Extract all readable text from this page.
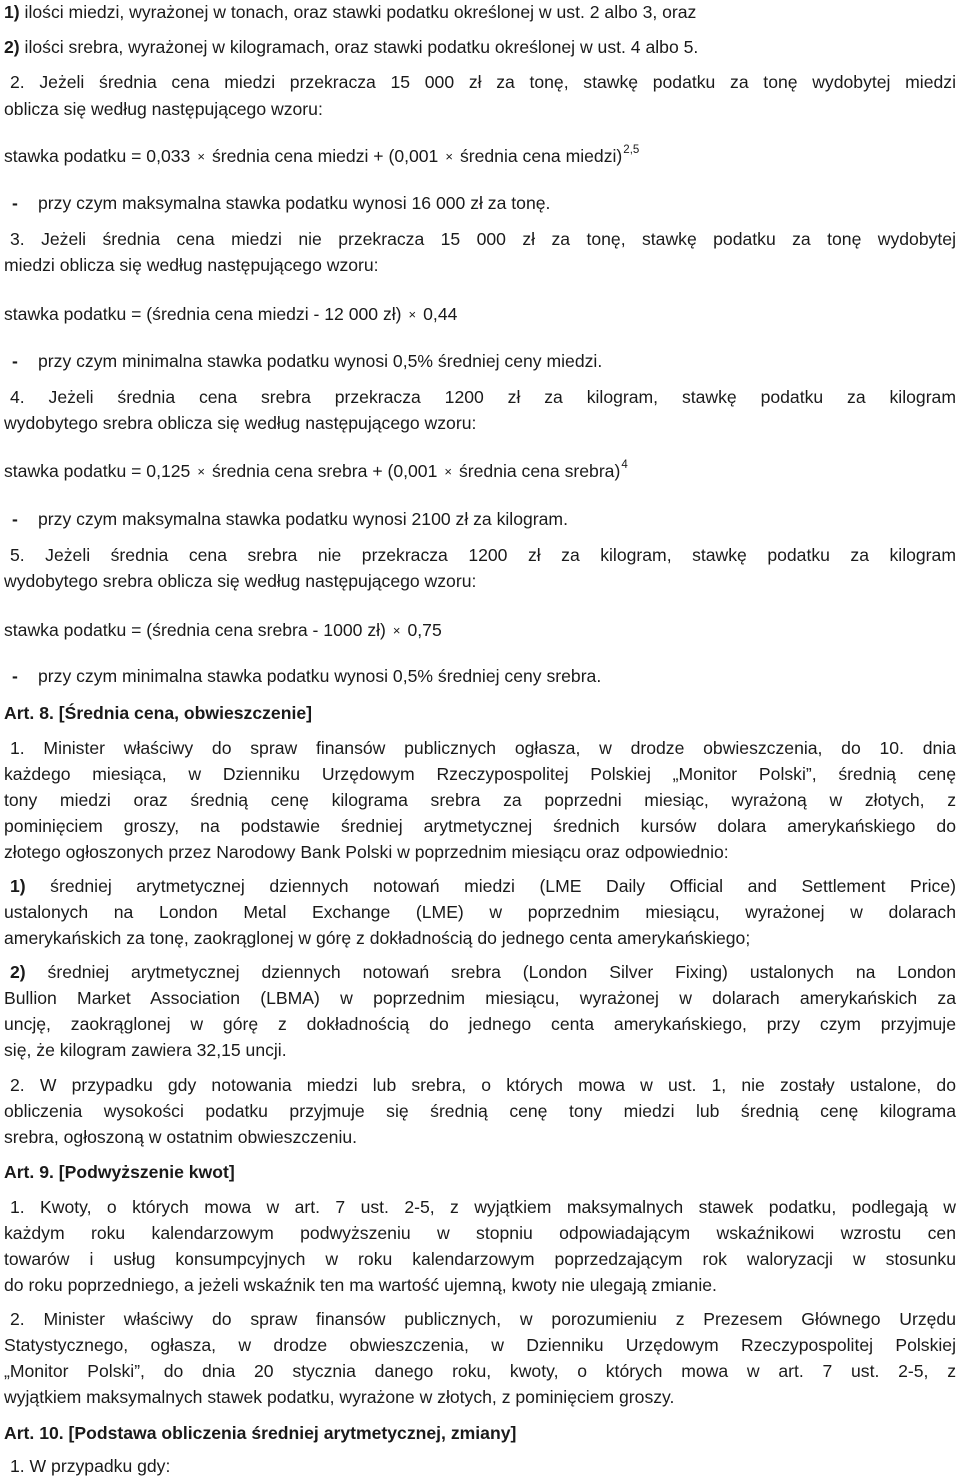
1) ilości miedzi, wyrażonej w tonach, oraz stawki podatku określonej w ust. 2 albo 3, oraz

2) ilości srebra, wyrażonej w kilogramach, oraz stawki podatku określonej w ust. 4 albo 5.

2. Jeżeli średnia cena miedzi przekracza 15 000 zł za tonę, stawkę podatku za tonę wydobytej miedzi

oblicza się według następującego wzoru:

stawka podatku = 0,033 × średnia cena miedzi + (0,001 × średnia cena miedzi)$^{2,5}$

przy czym maksymalna stawka podatku wynosi 16 000 zł za tonę.

-

3. Jeżeli średnia cena miedzi nie przekracza 15 000 zł za tonę, stawkę podatku za tonę wydobytej

miedzi oblicza się według następującego wzoru:

stawka podatku = (średnia cena miedzi - 12 000 zł) × 0,44

przy czym minimalna stawka podatku wynosi 0,5% średniej ceny miedzi.

-

4. Jeżeli średnia cena srebra przekracza 1200 zł za kilogram, stawkę podatku za kilogram

wydobytego srebra oblicza się według następującego wzoru:

stawka podatku = 0,125 × średnia cena srebra + (0,001 × średnia cena srebra)$^4$

przy czym maksymalna stawka podatku wynosi 2100 zł za kilogram.

-

5. Jeżeli średnia cena srebra nie przekracza 1200 zł za kilogram, stawkę podatku za kilogram

wydobytego srebra oblicza się według następującego wzoru:

stawka podatku = (średnia cena srebra - 1000 zł) × 0,75

przy czym minimalna stawka podatku wynosi 0,5% średniej ceny srebra.

-

Art. 8. [Średnia cena, obwieszczenie]

1. Minister właściwy do spraw finansów publicznych ogłasza, w drodze obwieszczenia, do 10. dnia

każdego miesiąca, w Dzienniku Urzędowym Rzeczypospolitej Polskiej „Monitor Polski”, średnią cenę

tony miedzi oraz średnią cenę kilograma srebra za poprzedni miesiąc, wyrażoną w złotych, z

pominięciem groszy, na podstawie średniej arytmetycznej średnich kursów dolara amerykańskiego do

złotego ogłoszonych przez Narodowy Bank Polski w poprzednim miesiącu oraz odpowiednio:

1) średniej arytmetycznej dziennych notowań miedzi (LME Daily Official and Settlement Price)

ustalonych na London Metal Exchange (LME) w poprzednim miesiącu, wyrażonej w dolarach

amerykańskich za tonę, zaokrąglonej w górę z dokładnością do jednego centa amerykańskiego;

2) średniej arytmetycznej dziennych notowań srebra (London Silver Fixing) ustalonych na London

Bullion Market Association (LBMA) w poprzednim miesiącu, wyrażonej w dolarach amerykańskich za

uncję, zaokrąglonej w górę z dokładnością do jednego centa amerykańskiego, przy czym przyjmuje

się, że kilogram zawiera 32,15 uncji.

2. W przypadku gdy notowania miedzi lub srebra, o których mowa w ust. 1, nie zostały ustalone, do

obliczenia wysokości podatku przyjmuje się średnią cenę tony miedzi lub średnią cenę kilograma

srebra, ogłoszoną w ostatnim obwieszczeniu.

Art. 9. [Podwyższenie kwot]

1. Kwoty, o których mowa w art. 7 ust. 2-5, z wyjątkiem maksymalnych stawek podatku, podlegają w

każdym roku kalendarzowym podwyższeniu w stopniu odpowiadającym wskaźnikowi wzrostu cen

towarów i usług konsumpcyjnych w roku kalendarzowym poprzedzającym rok waloryzacji w stosunku

do roku poprzedniego, a jeżeli wskaźnik ten ma wartość ujemną, kwoty nie ulegają zmianie.

2. Minister właściwy do spraw finansów publicznych, w porozumieniu z Prezesem Głównego Urzędu

Statystycznego, ogłasza, w drodze obwieszczenia, w Dzienniku Urzędowym Rzeczypospolitej Polskiej

„Monitor Polski”, do dnia 20 stycznia danego roku, kwoty, o których mowa w art. 7 ust. 2-5, z

wyjątkiem maksymalnych stawek podatku, wyrażone w złotych, z pominięciem groszy.

Art. 10. [Podstawa obliczenia średniej arytmetycznej, zmiany]

1. W przypadku gdy:
